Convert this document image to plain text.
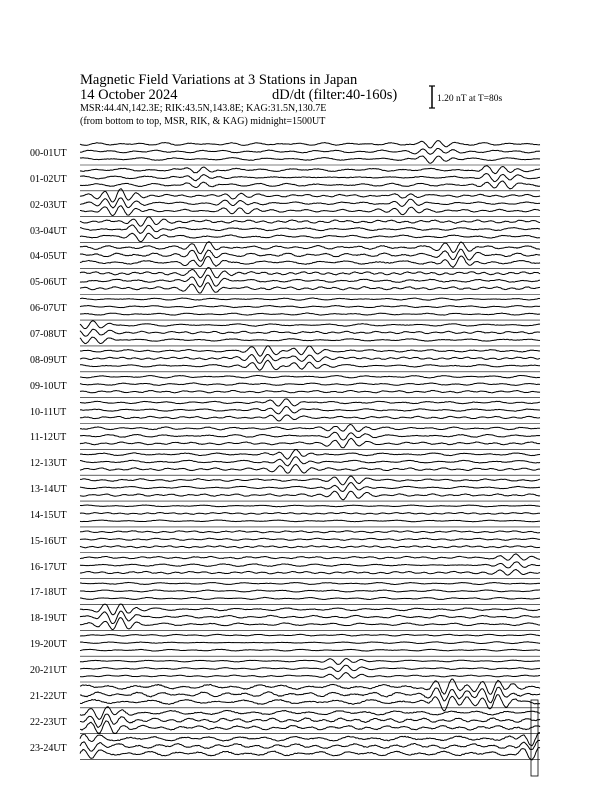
Magnetic Field Variations at 3 Stations in Japan
14 October 2024	dD/dt (filter:40-160s)
MSR:44.4N,142.3E; RIK:43.5N,143.8E; KAG:31.5N,130.7E
(from bottom to top, MSR, RIK, & KAG) midnight=1500UT
1.20 nT at T=80s
00-01UT
01-02UT
02-03UT
03-04UT
04-05UT
05-06UT
06-07UT
07-08UT
08-09UT
09-10UT
10-11UT
11-12UT
12-13UT
13-14UT
14-15UT
15-16UT
16-17UT
17-18UT
18-19UT
19-20UT
20-21UT
21-22UT
22-23UT
23-24UT
